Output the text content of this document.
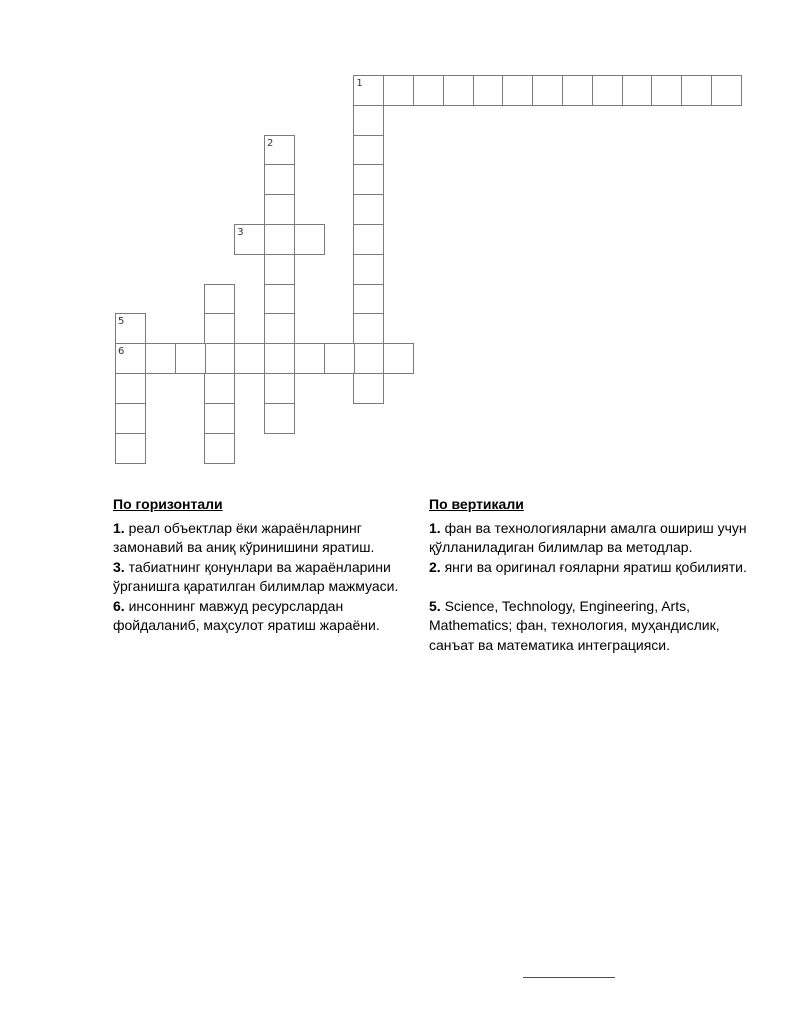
1
2
3
5
6
По горизонтали

1. реал объектлар ёки жараёнларнинг замонавий ва аниқ кўринишини яратиш.

3. табиатнинг қонунлари ва жараёнларини ўрганишга қаратилган билимлар мажмуаси.

6. инсоннинг мавжуд ресурслардан фойдаланиб, маҳсулот яратиш жараёни.

По вертикали

1. фан ва технологияларни амалга ошириш учун қўлланиладиган билимлар ва методлар.

2. янги ва оригинал ғояларни яратиш қобилияти.

5. Science, Technology, Engineering, Arts, Mathematics; фан, технология, муҳандислик, санъат ва математика интеграцияси.
